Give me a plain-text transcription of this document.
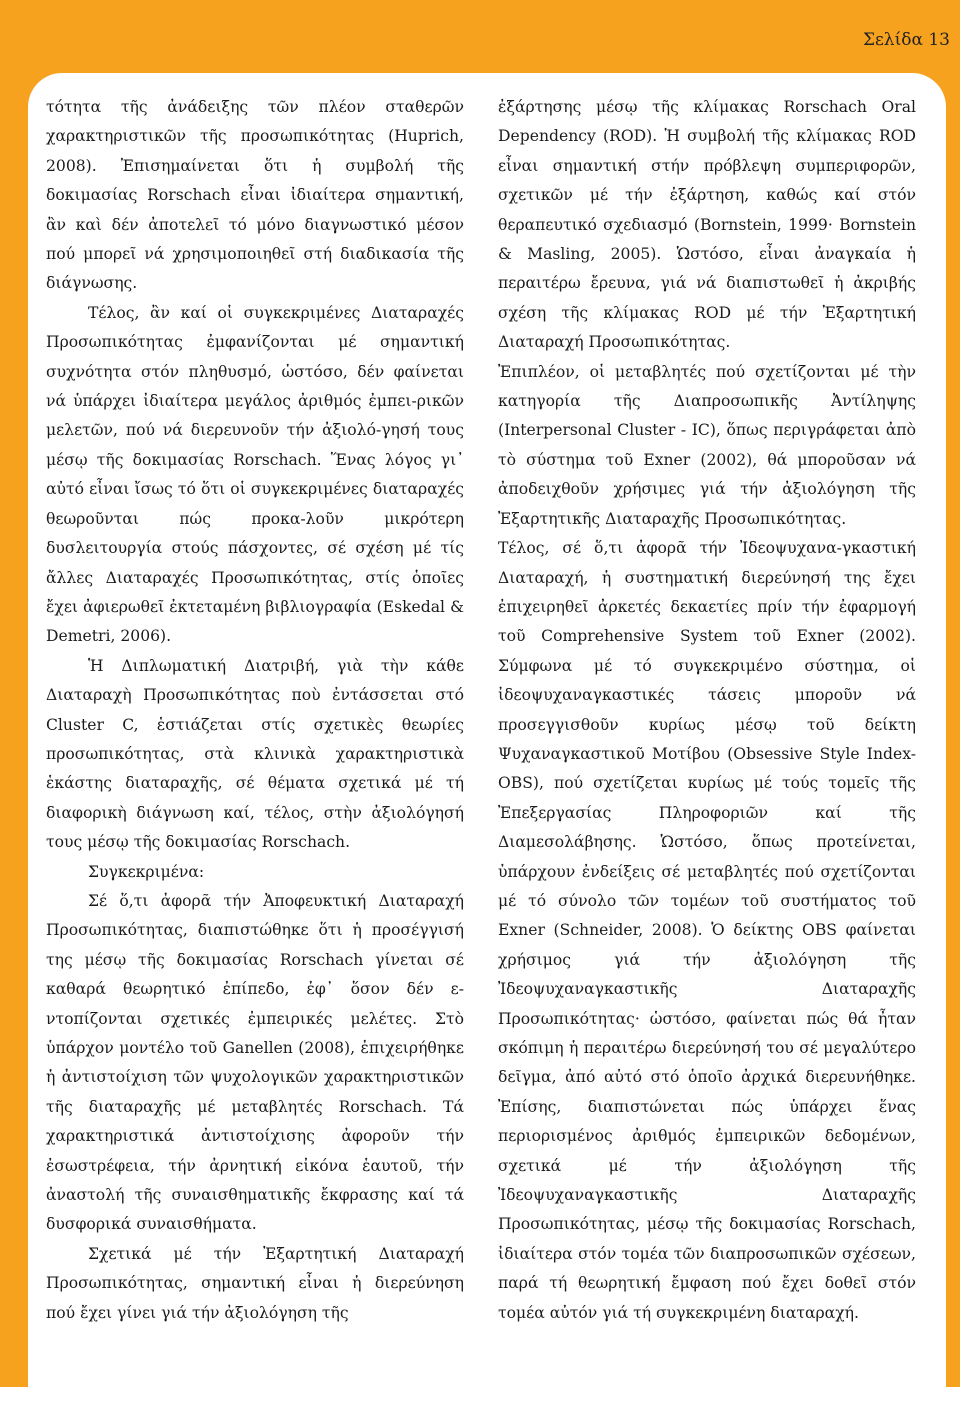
Σελίδα 13

τότητα τῆς ἀνάδειξης τῶν πλέον σταθερῶν χαρακτηριστικῶν τῆς προσωπικότητας (Huprich, 2008). Ἐπισημαίνεται ὅτι ἡ συμβολή τῆς δοκιμασίας Rorschach εἶναι ἰδιαίτερα σημαντική, ἂν καὶ δέν ἀποτελεῖ τό μόνο διαγνωστικό μέσον πού μπορεῖ νά χρησιμοποιηθεῖ στή διαδικασία τῆς διάγνωσης.

Τέλος, ἂν καί οἱ συγκεκριμένες Διαταραχές Προσωπικότητας ἐμφανίζονται μέ σημαντική συχνότητα στόν πληθυσμό, ὡστόσο, δέν φαίνεται νά ὑπάρχει ἰδιαίτερα μεγάλος ἀριθμός ἐμπει-ρικῶν μελετῶν, πού νά διερευνοῦν τήν ἀξιολό-γησή τους μέσῳ τῆς δοκιμασίας Rorschach. Ἕνας λόγος γι᾽ αὐτό εἶναι ἴσως τό ὅτι οἱ συγκεκριμένες διαταραχές θεωροῦνται πώς προκα-λοῦν μικρότερη δυσλειτουργία στούς πάσχοντες, σέ σχέση μέ τίς ἄλλες Διαταραχές Προσωπικότητας, στίς ὁποῖες ἔχει ἀφιερωθεῖ ἐκτεταμένη βιβλιογραφία (Eskedal & Demetri, 2006).

Ἡ Διπλωματική Διατριβή, γιὰ τὴν κάθε Διαταραχὴ Προσωπικότητας ποὺ ἐντάσσεται στό Cluster C, ἑστιάζεται στίς σχετικὲς θεωρίες προσωπικότητας, στὰ κλινικὰ χαρακτηριστικὰ ἑκάστης διαταραχῆς, σέ θέματα σχετικά μέ τή διαφορικὴ διάγνωση καί, τέλος, στὴν ἀξιολόγησή τους μέσῳ τῆς δοκιμασίας Rorschach.

Συγκεκριμένα:

Σέ ὅ,τι ἀφορᾶ τήν Ἀποφευκτική Διαταραχή Προσωπικότητας, διαπιστώθηκε ὅτι ἡ προσέγγισή της μέσῳ τῆς δοκιμασίας Rorschach γίνεται σέ καθαρά θεωρητικό ἐπίπεδο, ἐφ᾽ ὅσον δέν ε-ντοπίζονται σχετικές ἐμπειρικές μελέτες. Στὸ ὑπάρχον μοντέλο τοῦ Ganellen (2008), ἐπιχειρήθηκε ἡ ἀντιστοίχιση τῶν ψυχολογικῶν χαρακτηριστικῶν τῆς διαταραχῆς μέ μεταβλητές Rorschach. Τά χαρακτηριστικά ἀντιστοίχισης ἀφοροῦν τήν ἐσωστρέφεια, τήν ἀρνητική εἰκόνα ἑαυτοῦ, τήν ἀναστολή τῆς συναισθηματικῆς ἔκφρασης καί τά δυσφορικά συναισθήματα.

Σχετικά μέ τήν Ἐξαρτητική Διαταραχή Προσωπικότητας, σημαντική εἶναι ἡ διερεύνηση πού ἔχει γίνει γιά τήν ἀξιολόγηση τῆς

ἐξάρτησης μέσῳ τῆς κλίμακας Rorschach Oral Dependency (ROD). Ἡ συμβολή τῆς κλίμακας ROD εἶναι σημαντική στήν πρόβλεψη συμπεριφορῶν, σχετικῶν μέ τήν ἐξάρτηση, καθώς καί στόν θεραπευτικό σχεδιασμό (Bornstein, 1999· Bornstein & Masling, 2005). Ὡστόσο, εἶναι ἀναγκαία ἡ περαιτέρω ἔρευνα, γιά νά διαπιστωθεῖ ἡ ἀκριβής σχέση τῆς κλίμακας ROD μέ τήν Ἐξαρτητική Διαταραχή Προσωπικότητας.

Ἐπιπλέον, οἱ μεταβλητές πού σχετίζονται μέ τὴν κατηγορία τῆς Διαπροσωπικῆς Ἀντίληψης (Interpersonal Cluster - IC), ὅπως περιγράφεται ἀπὸ τὸ σύστημα τοῦ Exner (2002), θά μποροῦσαν νά ἀποδειχθοῦν χρήσιμες γιά τήν ἀξιολόγηση τῆς Ἐξαρτητικῆς Διαταραχῆς Προσωπικότητας.

Τέλος, σέ ὅ,τι ἀφορᾶ τήν Ἰδεοψυχανα-γκαστική Διαταραχή, ἡ συστηματική διερεύνησή της ἔχει ἐπιχειρηθεῖ ἀρκετές δεκαετίες πρίν τήν ἐφαρμογή τοῦ Comprehensive System τοῦ Exner (2002). Σύμφωνα μέ τό συγκεκριμένο σύστημα, οἱ ἰδεοψυχαναγκαστικές τάσεις μποροῦν νά προσεγγισθοῦν κυρίως μέσῳ τοῦ δείκτη Ψυχαναγκαστικοῦ Μοτίβου (Obsessive Style Index-OBS), πού σχετίζεται κυρίως μέ τούς τομεῖς τῆς Ἐπεξεργασίας Πληροφοριῶν καί τῆς Διαμεσολάβησης. Ὡστόσο, ὅπως προτείνεται, ὑπάρχουν ἐνδείξεις σέ μεταβλητές πού σχετίζονται μέ τό σύνολο τῶν τομέων τοῦ συστήματος τοῦ Exner (Schneider, 2008). Ὁ δείκτης OBS φαίνεται χρήσιμος γιά τήν ἀξιολόγηση τῆς Ἰδεοψυχαναγκαστικῆς Διαταραχῆς Προσωπικότητας· ὡστόσο, φαίνεται πώς θά ἦταν σκόπιμη ἡ περαιτέρω διερεύνησή του σέ μεγαλύτερο δεῖγμα, ἀπό αὐτό στό ὁποῖο ἀρχικά διερευνήθηκε. Ἐπίσης, διαπιστώνεται πώς ὑπάρχει ἕνας περιορισμένος ἀριθμός ἐμπειρικῶν δεδομένων, σχετικά μέ τήν ἀξιολόγηση τῆς Ἰδεοψυχαναγκαστικῆς Διαταραχῆς Προσωπικότητας, μέσῳ τῆς δοκιμασίας Rorschach, ἰδιαίτερα στόν τομέα τῶν διαπροσωπικῶν σχέσεων, παρά τή θεωρητική ἔμφαση πού ἔχει δοθεῖ στόν τομέα αὐτόν γιά τή συγκεκριμένη διαταραχή.
